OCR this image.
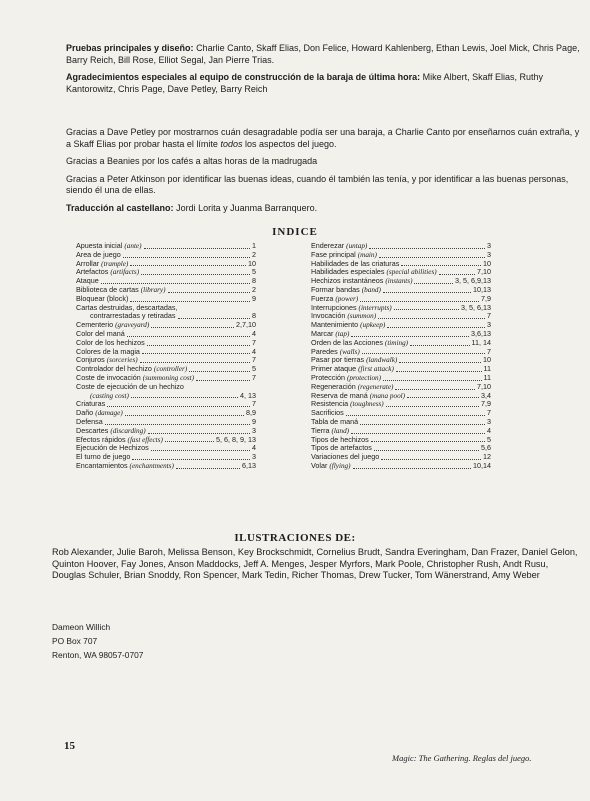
Pruebas principales y diseño: Charlie Canto, Skaff Elias, Don Felice, Howard Kahlenberg, Ethan Lewis, Joel Mick, Chris Page, Barry Reich, Bill Rose, Elliot Segal, Jan Pierre Trias.

Agradecimientos especiales al equipo de construcción de la baraja de última hora: Mike Albert, Skaff Elias, Ruthy Kantorowitz, Chris Page, Dave Petley, Barry Reich

Gracias a Dave Petley por mostrarnos cuán desagradable podía ser una baraja, a Charlie Canto por enseñarnos cuán extraña, y a Skaff Elias por probar hasta el límite todos los aspectos del juego.

Gracias a Beanies por los cafés a altas horas de la madrugada

Gracias a Peter Atkinson por identificar las buenas ideas, cuando él también las tenía, y por identificar a las buenas personas, siendo él una de ellas.

Traducción al castellano: Jordi Lorita y Juanma Barranquero.

INDICE
Apuesta inicial (ante)	1
Area de juego	2
Arrollar (trample)	10
Artefactos (artifacts)	5
Ataque	8
Biblioteca de cartas (library)	2
Bloquear (block)	9
Cartas destruidas, descartadas,
contrarrestadas y retiradas	8
Cementerio (graveyard)	2,7,10
Color del maná	4
Color de los hechizos	7
Colores de la magia	4
Conjuros (sorceries)	7
Controlador del hechizo (controller)	5
Coste de invocación (summoning cost)	7
Coste de ejecución de un hechizo
(casting cost)	4, 13
Criaturas	7
Daño (damage)	8,9
Defensa	9
Descartes (discarding)	3
Efectos rápidos (fast effects)	5, 6, 8, 9, 13
Ejecución de Hechizos	4
El turno de juego	3
Encantamientos (enchantments)	6,13
Enderezar (untap)	3
Fase principal (main)	3
Habilidades de las criaturas	10
Habilidades especiales (special abilities)	7,10
Hechizos instantáneos (instants)	3, 5, 6,9,13
Formar bandas (band)	10,13
Fuerza (power)	7,9
Interrupciones (interrupts)	3, 5, 6,13
Invocación (summon)	7
Mantenimiento (upkeep)	3
Marcar (tap)	3,6,13
Orden de las Acciones (timing)	11, 14
Paredes (walls)	7
Pasar por tierras (landwalk)	10
Primer ataque (first attack)	11
Protección (protection)	11
Regeneración (regenerate)	7,10
Reserva de maná (mana pool)	3,4
Resistencia (toughness)	7,9
Sacrificios	7
Tabla de maná	3
Tierra (land)	4
Tipos de hechizos	5
Tipos de artefactos	5,6
Variaciones del juego	12
Volar (flying)	10,14
ILUSTRACIONES DE:
Rob Alexander, Julie Baroh, Melissa Benson, Key Brockschmidt, Cornelius Brudt, Sandra Everingham, Dan Frazer, Daniel Gelon, Quinton Hoover, Fay Jones, Anson Maddocks, Jeff A. Menges, Jesper Myrfors, Mark Poole, Christopher Rush, Andt Rusu, Douglas Schuler, Brian Snoddy, Ron Spencer, Mark Tedin, Richer Thomas, Drew Tucker, Tom Wänerstrand, Amy Weber
Dameon Willich
PO Box 707
Renton, WA 98057-0707
15
Magic: The Gathering. Reglas del juego.
